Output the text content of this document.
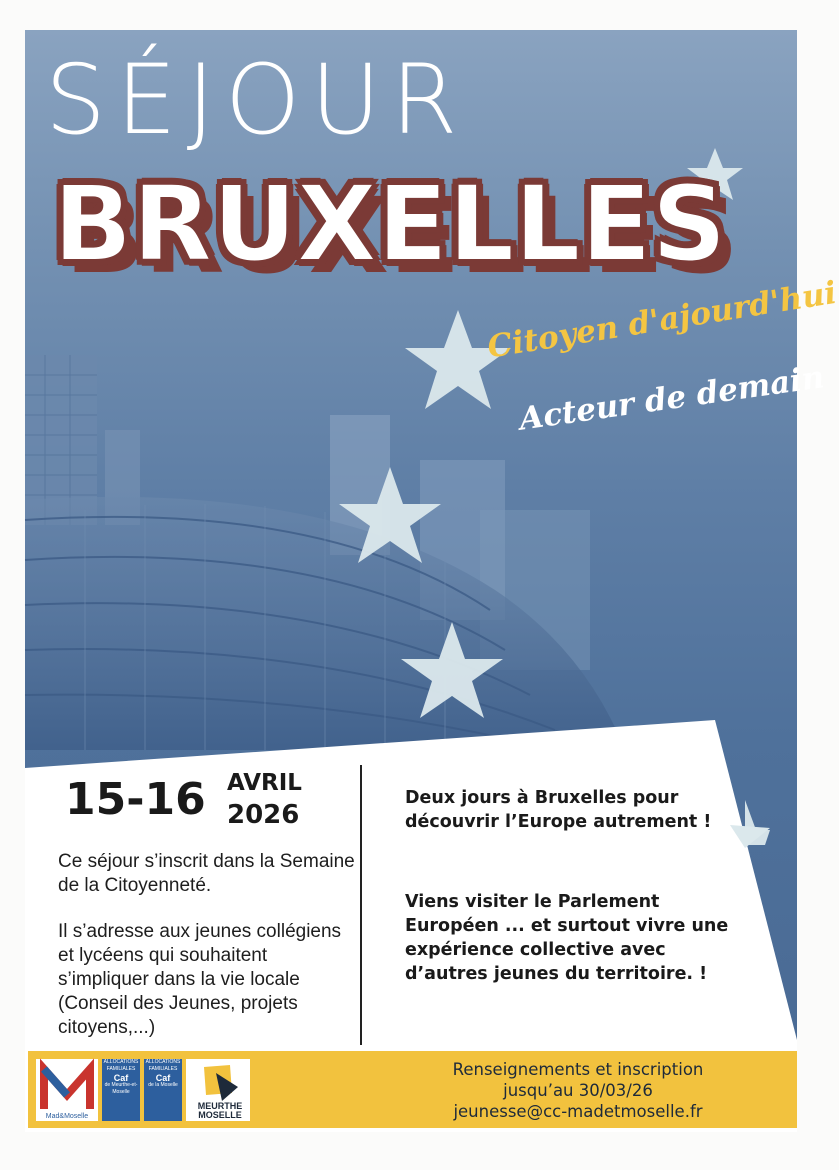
SÉJOUR
BRUXELLES
Citoyen d'ajourd'hui
Acteur de demain
15-16 AVRIL
2026

Ce séjour s’inscrit dans la Semaine de la Citoyenneté.

Il s’adresse aux jeunes collégiens et lycéens qui souhaitent s’impliquer dans la vie locale (Conseil des Jeunes, projets citoyens,...)

Deux jours à Bruxelles pour découvrir l’Europe autrement !

Viens visiter le Parlement Européen ... et surtout vivre une expérience collective avec d’autres jeunes du territoire. !

Mad&Moselle
ALLOCATIONS FAMILIALES
Caf
de Meurthe-et-Moselle
ALLOCATIONS FAMILIALES
Caf
de la Moselle
MEURTHE
MOSELLE
Renseignements et inscription
jusqu’au 30/03/26
jeunesse@cc-madetmoselle.fr
